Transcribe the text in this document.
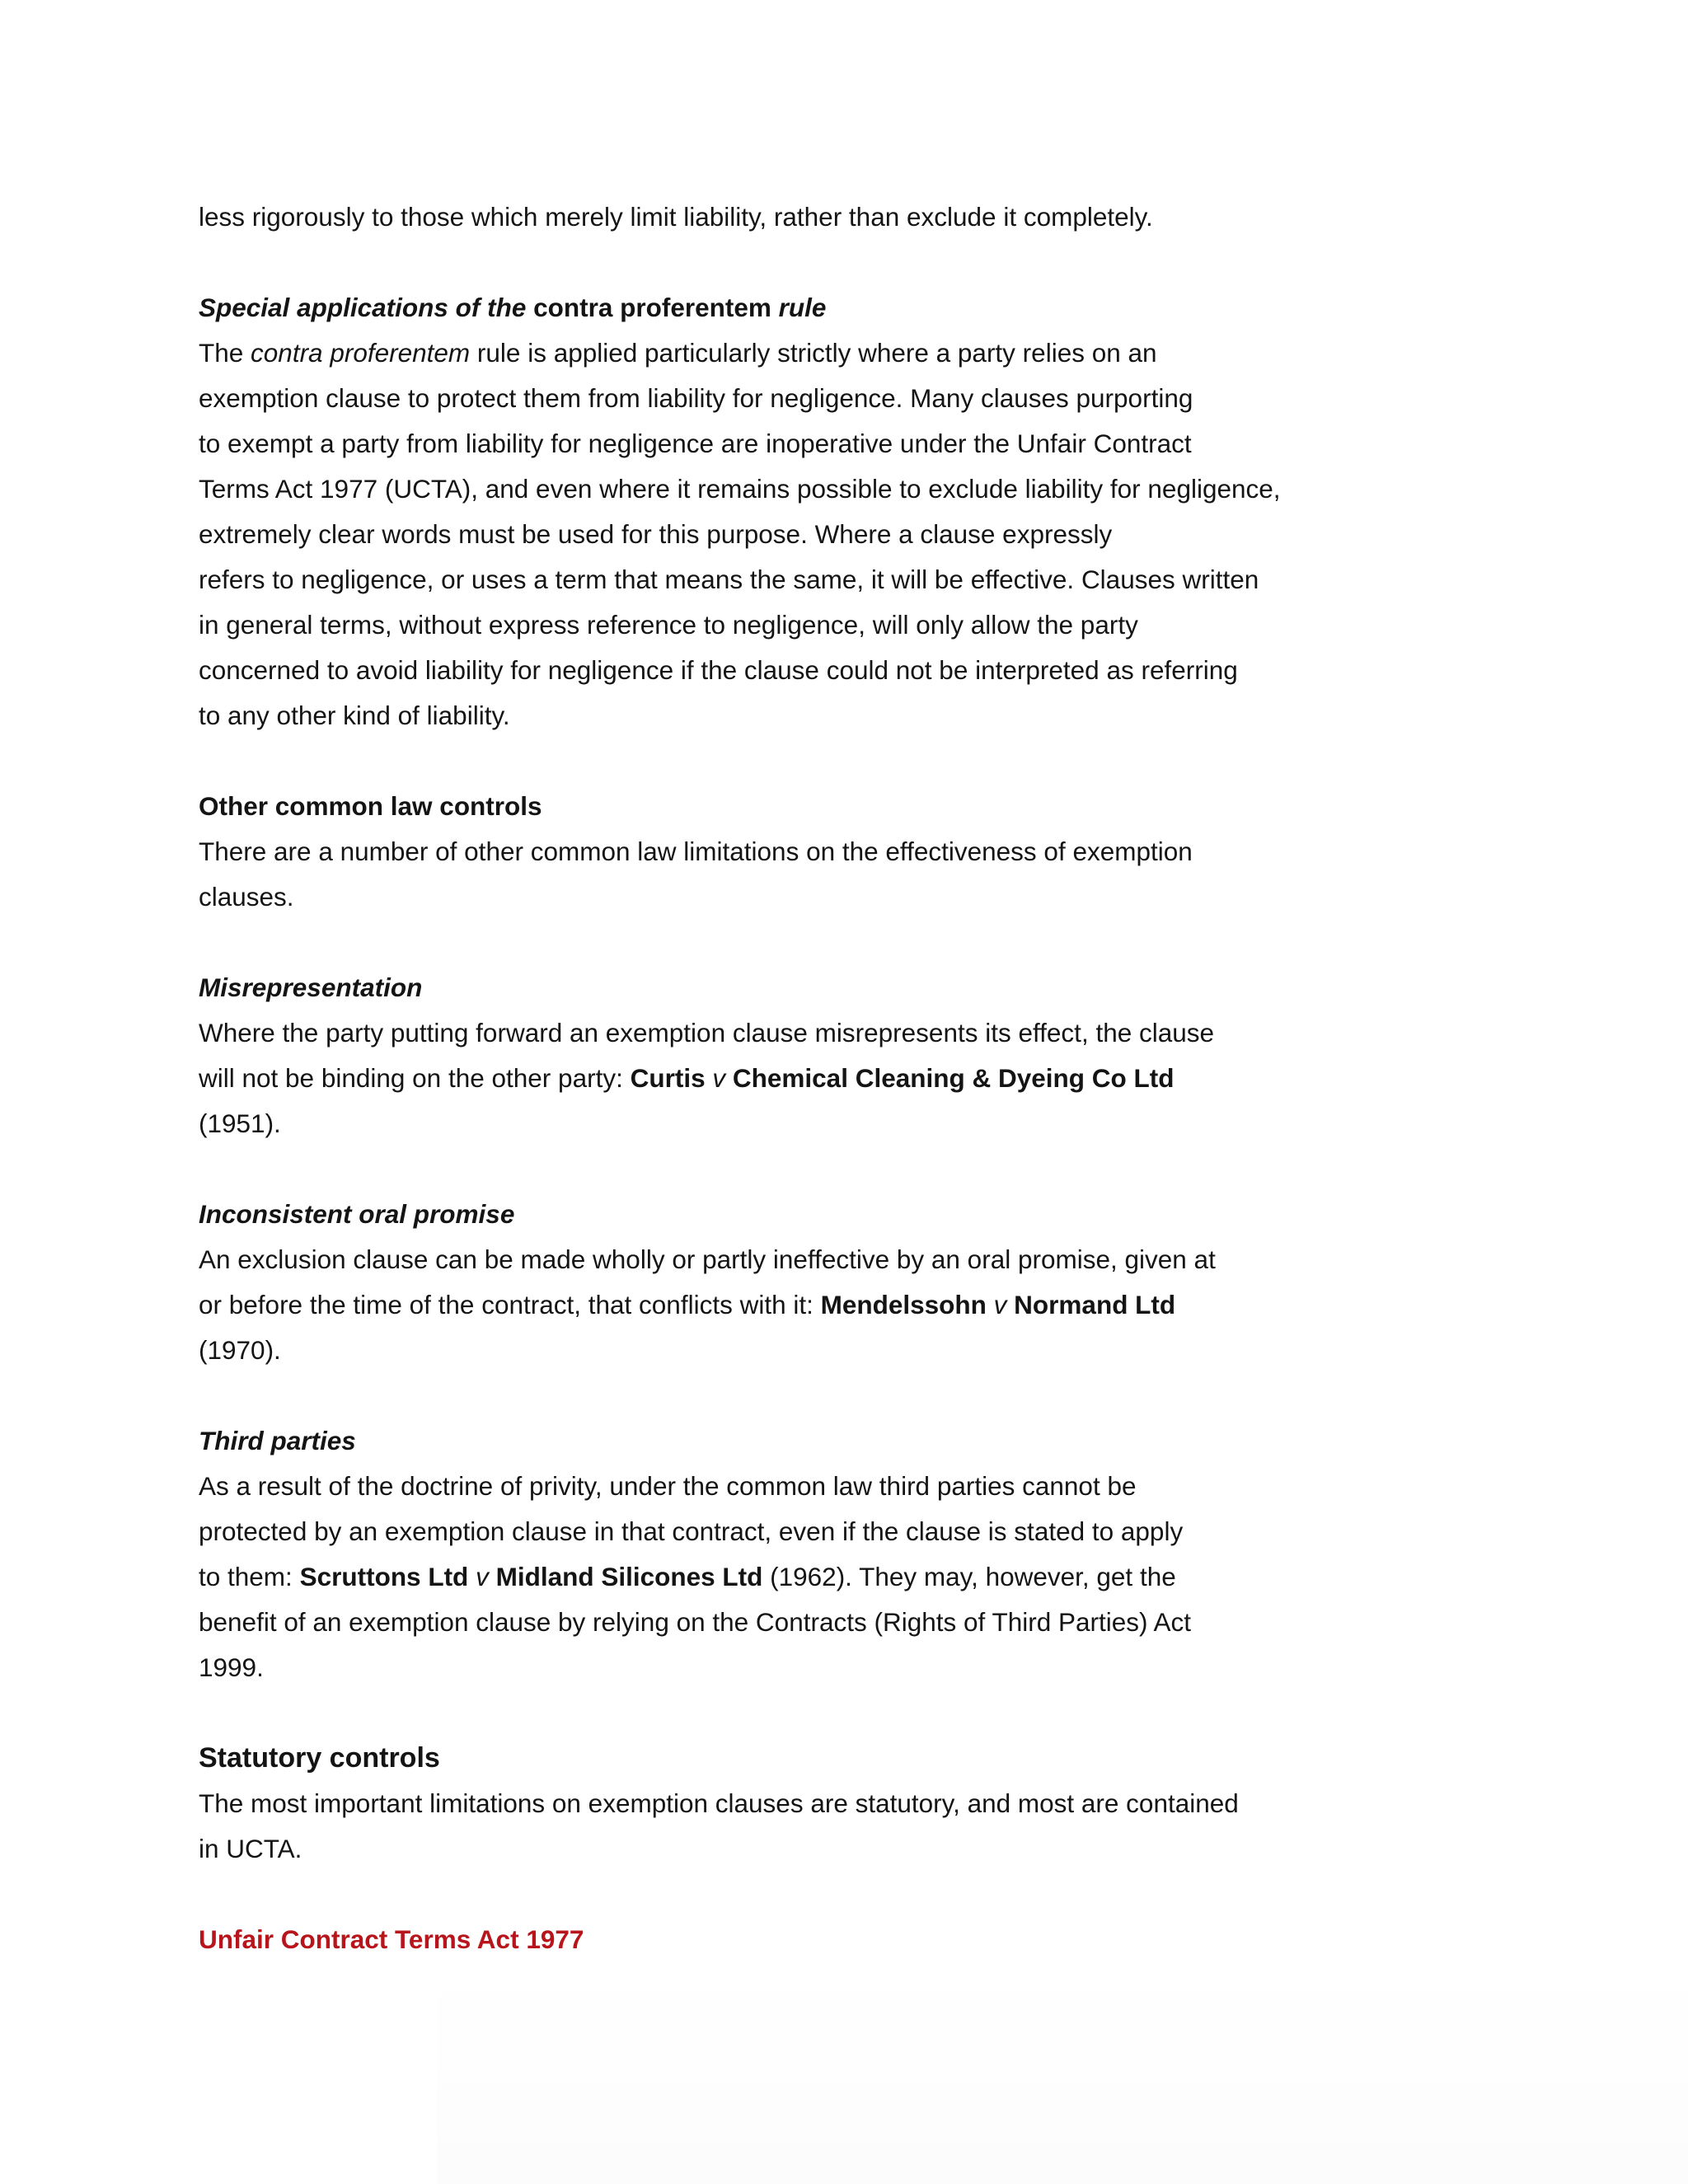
less rigorously to those which merely limit liability, rather than exclude it completely.

Special applications of the contra proferentem rule

The contra proferentem rule is applied particularly strictly where a party relies on an

exemption clause to protect them from liability for negligence. Many clauses purporting

to exempt a party from liability for negligence are inoperative under the Unfair Contract

Terms Act 1977 (UCTA), and even where it remains possible to exclude liability for negligence,

extremely clear words must be used for this purpose. Where a clause expressly

refers to negligence, or uses a term that means the same, it will be effective. Clauses written

in general terms, without express reference to negligence, will only allow the party

concerned to avoid liability for negligence if the clause could not be interpreted as referring

to any other kind of liability.

Other common law controls

There are a number of other common law limitations on the effectiveness of exemption

clauses.

Misrepresentation

Where the party putting forward an exemption clause misrepresents its effect, the clause

will not be binding on the other party: Curtis v Chemical Cleaning & Dyeing Co Ltd

(1951).

Inconsistent oral promise

An exclusion clause can be made wholly or partly ineffective by an oral promise, given at

or before the time of the contract, that conflicts with it: Mendelssohn v Normand Ltd

(1970).

Third parties

As a result of the doctrine of privity, under the common law third parties cannot be

protected by an exemption clause in that contract, even if the clause is stated to apply

to them: Scruttons Ltd v Midland Silicones Ltd (1962). They may, however, get the

benefit of an exemption clause by relying on the Contracts (Rights of Third Parties) Act

1999.

Statutory controls

The most important limitations on exemption clauses are statutory, and most are contained

in UCTA.

Unfair Contract Terms Act 1977
